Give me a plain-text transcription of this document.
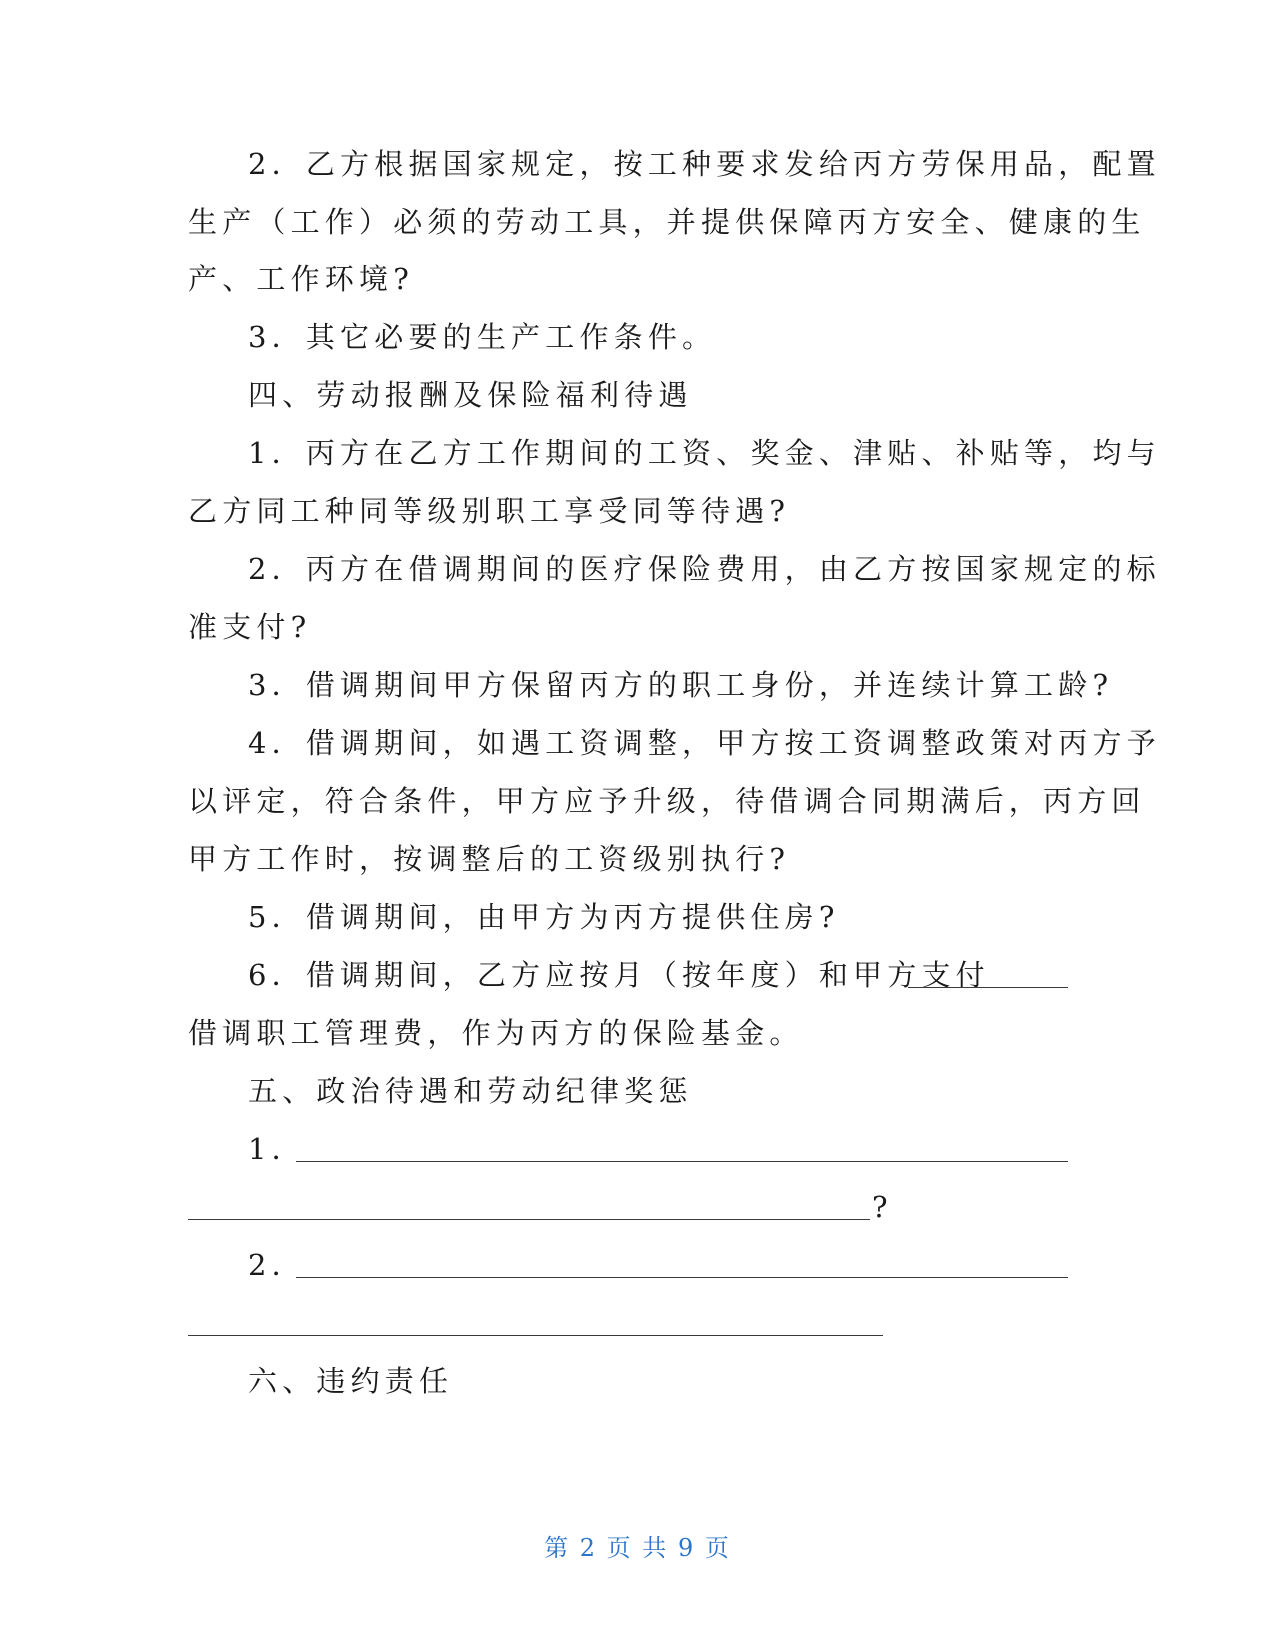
2．乙方根据国家规定，按工种要求发给丙方劳保用品，配置
生产（工作）必须的劳动工具，并提供保障丙方安全、健康的生
产、工作环境?
3．其它必要的生产工作条件。
四、劳动报酬及保险福利待遇
1．丙方在乙方工作期间的工资、奖金、津贴、补贴等，均与
乙方同工种同等级别职工享受同等待遇?
2．丙方在借调期间的医疗保险费用，由乙方按国家规定的标
准支付?
3．借调期间甲方保留丙方的职工身份，并连续计算工龄?
4．借调期间，如遇工资调整，甲方按工资调整政策对丙方予
以评定，符合条件，甲方应予升级，待借调合同期满后，丙方回
甲方工作时，按调整后的工资级别执行?
5．借调期间，由甲方为丙方提供住房?
6．借调期间，乙方应按月（按年度）和甲方支付
借调职工管理费，作为丙方的保险基金。
五、政治待遇和劳动纪律奖惩
1．
?
2．
六、违约责任
第 2 页 共 9 页
